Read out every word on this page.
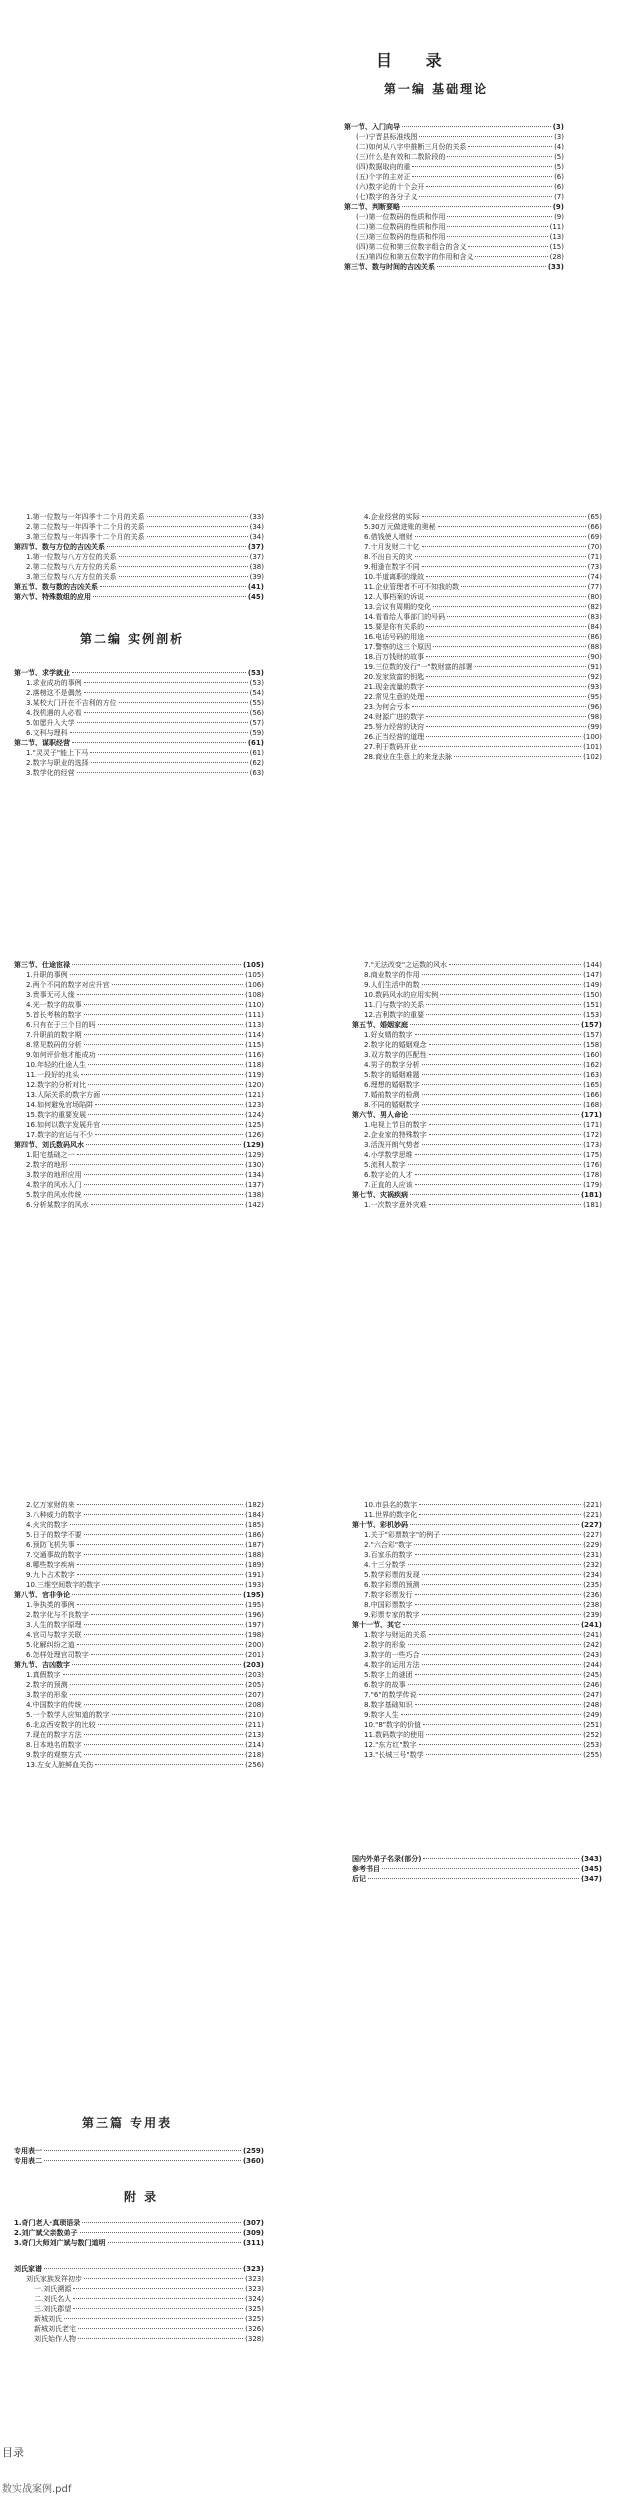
目 录
第一编 基础理论
第一节、入门向导	(3)
(一)宁晋县标准线图	(3)
(二)如何从八字中推断三月份的关系	(4)
(三)什么是有效和二数阶段的	(5)
(四)数据取向的重	(5)
(五)个字的主对正	(6)
(六)数字论的十个会开	(6)
(七)数字的各分子义	(7)
第二节、判断要略	(9)
(一)第一位数码的性质和作用	(9)
(二)第二位数码的性质和作用	(11)
(三)第三位数码的性质和作用	(13)
(四)第二位和第三位数字组合的含义	(15)
(五)第四位和第五位数字的作用和含义	(28)
第三节、数与时间的吉凶关系	(33)
1.第一位数与一年四季十二个月的关系	(33)
2.第二位数与一年四季十二个月的关系	(34)
3.第三位数与一年四季十二个月的关系	(34)
第四节、数与方位的吉凶关系	(37)
1.第一位数与八方方位的关系	(37)
2.第二位数与八方方位的关系	(38)
3.第三位数与八方方位的关系	(39)
第五节、数与数的吉凶关系	(41)
第六节、特殊数组的应用	(45)
第二编 实例剖析
第一节、求学就业	(53)
1.求业成功的事例	(53)
2.落榜这不是偶然	(54)
3.某校大门开在不吉利的方位	(55)
4.找机遇的人必看	(56)
5.如愿升入大学	(57)
6.文科与理科	(59)
第二节、谋职经营	(61)
1."灵灵子"能上下马	(61)
2.数字与职业的选择	(62)
3.数学化的经营	(63)
4.企业经营的实际	(65)
5.30万元做进账的奥秘	(66)
6.借钱使人增财	(69)
7.十月发财二十亿	(70)
8.不出自天的灾	(71)
9.相逢在数字不同	(73)
10.半道离职的缘故	(74)
11.企业管理者不可不知我的数	(77)
12.人事档案的诉说	(80)
13.会议有周期的变化	(82)
14.看看给人事部门的号码	(83)
15.要是你有关系的	(84)
16.电话号码的用途	(86)
17.警察的这三个原因	(88)
18.百万钱财的故事	(90)
19.三位数的发行"一"数财富的部署	(91)
20.发家致富的钥匙	(92)
21.现金流量的数字	(93)
22.常见生意的处理	(95)
23.为何会亏本	(96)
24.财源广进的数字	(98)
25.努力经营的诀窍	(99)
26.正当经营的道理	(100)
27.利于数码开业	(101)
28.商业在生意上的来龙去脉	(102)
第三节、仕途宦禄	(105)
1.升职的事例	(105)
2.两个不同的数字对应升官	(106)
3.贵事无可人缘	(108)
4.光一数字的故事	(110)
5.首长考核的数字	(111)
6.只有在于三个目的吗	(113)
7.升职前的数字期	(114)
8.常见数码的分析	(115)
9.如何评价他才能成功	(116)
10.年轻的仕途人生	(118)
11.一段好的兆头	(119)
12.数字的分析对比	(120)
13.人际关系的数字方面	(121)
14.如何避免官场陷阱	(123)
15.数字的重要发展	(124)
16.如何以数字发展升官	(125)
17.数字的官运与不少	(126)
第四节、刘氏数码风水	(129)
1.阳宅基础之一	(129)
2.数字的地形	(130)
3.数字的地形应用	(134)
4.数字的风水入门	(137)
5.数字的风水传统	(138)
6.分析某数字的风水	(142)
7."无法改变"之运数的风水	(144)
8.商业数字的作用	(147)
9.人们生活中的数	(149)
10.数码风水的应用实例	(150)
11.门与数字的关系	(151)
12.吉利数字的重要	(153)
第五节、婚姻家庭	(157)
1.好女婿的数字	(157)
2.数字化的婚姻观念	(158)
3.双方数字的匹配性	(160)
4.男子的数字分析	(162)
5.数字的婚姻难题	(163)
6.理想的婚姻数字	(165)
7.婚前数字的检测	(166)
8.不同的婚姻数字	(168)
第六节、男人命论	(171)
1.电视上节目的数字	(171)
2.企业家的特殊数字	(172)
3.活泼开朗气势者	(173)
4.小学数学思维	(175)
5.流利人数字	(176)
6.数字论的人才	(178)
7.正直的人应该	(179)
第七节、灾祸疾病	(181)
1.一次数字意外灾难	(181)
2.亿万家财的来	(182)
3.八种威力的数字	(184)
4.火灾的数字	(185)
5.日子的数学不要	(186)
6.预防飞机失事	(187)
7.交通事故的数字	(188)
8.哪些数字疾病	(189)
9.九卜占术数字	(191)
10.三维空间数字的数字	(193)
第八节、官非争论	(195)
1.争执类的事例	(195)
2.数字化与不良数字	(196)
3.人生的数字原理	(197)
4.官司与数字关联	(198)
5.化解纠纷之道	(200)
6.怎样处理官司数字	(201)
第九节、吉凶数字	(203)
1.真假数字	(203)
2.数字的预测	(205)
3.数字的形象	(207)
4.中国数字的传统	(208)
5.一个数学人应知道的数字	(210)
6.北京西安数字的比较	(211)
7.现在的数字方法	(213)
8.日本地名的数字	(214)
9.数字的观察方式	(218)
13.左女人脏鲜血关伤	(256)
10.市县名的数字	(221)
11.世界的数字化	(221)
第十节、彩机妙码	(227)
1.关于"彩票数字"的例子	(227)
2."六合彩"数字	(229)
3.百家乐的数字	(231)
4.十三分数学	(232)
5.数学彩票的发现	(234)
6.数字彩票的预测	(235)
7.数字彩票发行	(236)
8.中国彩票数字	(238)
9.彩票专家的数字	(239)
第十一节、其它	(241)
1.数字与财运的关系	(241)
2.数字的形象	(242)
3.数字的一些巧合	(243)
4.数字的运用方法	(244)
5.数字上的谜团	(245)
6.数字的故事	(246)
7."6"的数学传说	(247)
8.数字基础知识	(248)
9.数字人生	(249)
10."8"数字的价值	(251)
11.数码数字的使用	(252)
12."东方红"数字	(253)
13."长城三号"数学	(255)
国内外弟子名录(部分)	(343)
参考书目	(345)
后记	(347)
第三篇 专用表
专用表一	(259)
专用表二	(360)
附 录
1.奇门老人·真琐语录	(307)
2.刘广斌父亲数弟子	(309)
3.奇门大师刘广斌与数门道明	(311)
刘氏家谱	(323)
刘氏家族发祥初步	(323)
一.刘氏溯源	(323)
二.刘氏名人	(324)
三.刘氏郡望	(325)
新城刘氏	(325)
新城刘氏老宅	(326)
刘氏始作人物	(328)
目录
数实战案例.pdf
